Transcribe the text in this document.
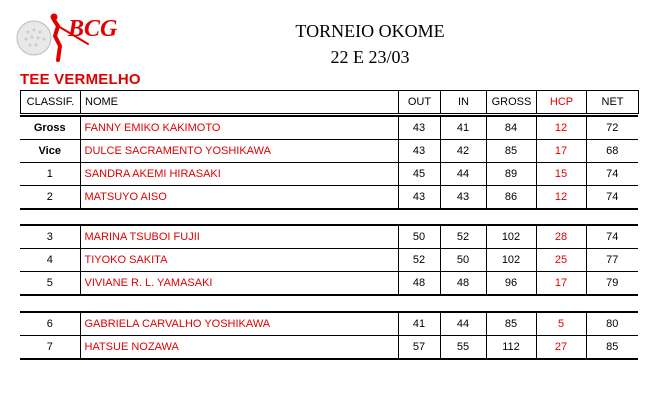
BCG	TORNEIO OKOME
22 E 23/03
TEE VERMELHO
CLASSIF.	NOME	OUT	IN	GROSS	HCP	NET
Gross	FANNY EMIKO KAKIMOTO	43	41	84	12	72
Vice	DULCE SACRAMENTO YOSHIKAWA	43	42	85	17	68
1	SANDRA AKEMI HIRASAKI	45	44	89	15	74
2	MATSUYO AISO	43	43	86	12	74
3	MARINA TSUBOI FUJII	50	52	102	28	74
4	TIYOKO SAKITA	52	50	102	25	77
5	VIVIANE R. L. YAMASAKI	48	48	96	17	79
6	GABRIELA CARVALHO YOSHIKAWA	41	44	85	5	80
7	HATSUE NOZAWA	57	55	112	27	85
